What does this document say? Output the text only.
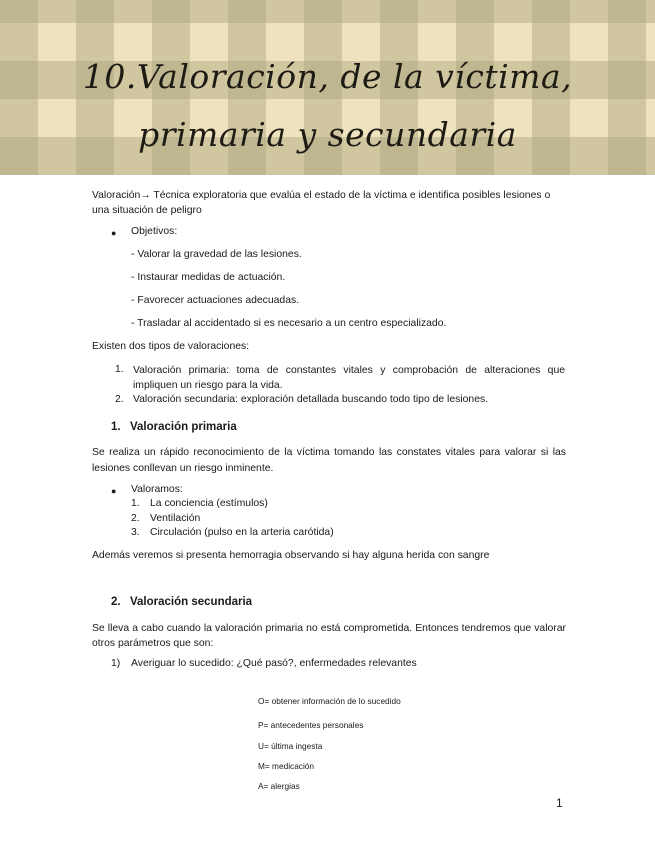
10.Valoración, de la víctima,
primaria y secundaria

Valoración→ Técnica exploratoria que evalúa el estado de la víctima e identifica posibles lesiones o una situación de peligro

● Objetivos:
- Valorar la gravedad de las lesiones.
- Instaurar medidas de actuación.
- Favorecer actuaciones adecuadas.
- Trasladar al accidentado si es necesario a un centro especializado.
Existen dos tipos de valoraciones:
1. Valoración primaria: toma de constantes vitales y comprobación de alteraciones que impliquen un riesgo para la vida.
2. Valoración secundaria: exploración detallada buscando todo tipo de lesiones.
1. Valoración primaria
Se realiza un rápido reconocimiento de la víctima tomando las constates vitales para valorar si las lesiones conllevan un riesgo inminente.
● Valoramos:
1. La conciencia (estímulos)
2. Ventilación
3. Circulación (pulso en la arteria carótida)
Además veremos si presenta hemorragia observando si hay alguna herida con sangre
2. Valoración secundaria
Se lleva a cabo cuando la valoración primaria no está comprometida. Entonces tendremos que valorar otros parámetros que son:
1) Averiguar lo sucedido: ¿Qué pasó?, enfermedades relevantes
O= obtener información de lo sucedido
P= antecedentes personales
U= última ingesta
M= medicación
A= alergias
1
